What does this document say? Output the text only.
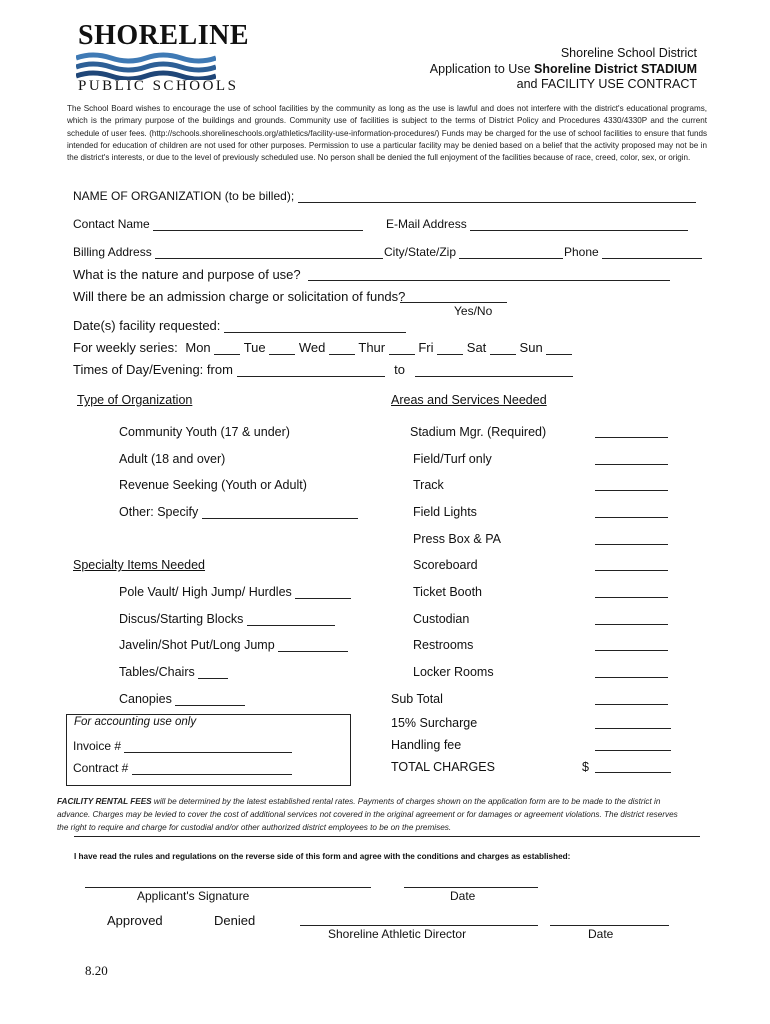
SHORELINE
PUBLIC SCHOOLS
Shoreline School District
Application to Use Shoreline District STADIUM
and FACILITY USE CONTRACT
The School Board wishes to encourage the use of school facilities by the community as long as the use is lawful and does not interfere with the district's educational programs, which is the primary purpose of the buildings and grounds. Community use of facilities is subject to the terms of District Policy and Procedures 4330/4330P and the current schedule of user fees. (http://schools.shorelineschools.org/athletics/facility-use-information-procedures/) Funds may be charged for the use of school facilities to ensure that funds intended for education of children are not used for other purposes. Permission to use a particular facility may be denied based on a belief that the activity proposed may not be in the district's interests, or due to the level of previously scheduled use. No person shall be denied the full enjoyment of the facilities because of race, creed, color, sex, or origin.
NAME OF ORGANIZATION (to be billed);
Contact Name	E-Mail Address
Billing Address	City/State/Zip	Phone
What is the nature and purpose of use?
Will there be an admission charge or solicitation of funds?
Yes/No
Date(s) facility requested:
For weekly series: Mon	Tue	Wed	Thur	Fri	Sat	Sun
Times of Day/Evening: from	to
Type of Organization
Community Youth (17 & under)
Adult (18 and over)
Revenue Seeking (Youth or Adult)
Other: Specify
Specialty Items Needed
Pole Vault/ High Jump/ Hurdles
Discus/Starting Blocks
Javelin/Shot Put/Long Jump
Tables/Chairs
Canopies
For accounting use only
Invoice #
Contract #
Areas and Services Needed
Stadium Mgr. (Required)
Field/Turf only
Track
Field Lights
Press Box & PA
Scoreboard
Ticket Booth
Custodian
Restrooms
Locker Rooms
Sub Total
15% Surcharge
Handling fee
TOTAL CHARGES	$
FACILITY RENTAL FEES will be determined by the latest established rental rates. Payments of charges shown on the application form are to be made to the district in advance. Charges may be levied to cover the cost of additional services not covered in the original agreement or for damages or agreement violations. The district reserves the right to require and charge for custodial and/or other authorized district employees to be on the premises.
I have read the rules and regulations on the reverse side of this form and agree with the conditions and charges as established:
Applicant's Signature	Date
Approved	Denied
Shoreline Athletic Director	Date
8.20
